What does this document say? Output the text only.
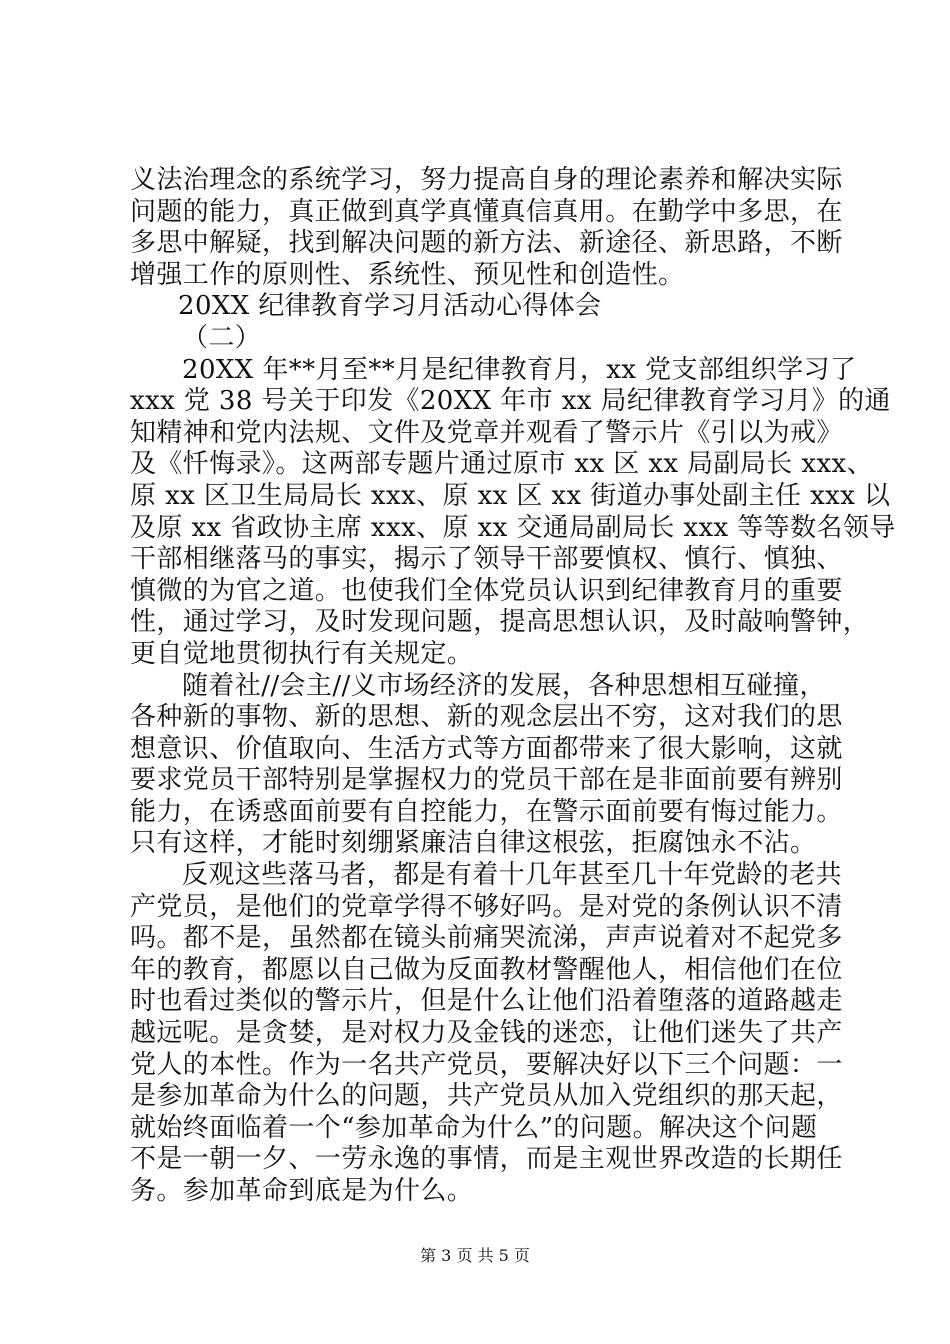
义法治理念的系统学习，努力提高自身的理论素养和解决实际
问题的能力，真正做到真学真懂真信真用。在勤学中多思，在
多思中解疑，找到解决问题的新方法、新途径、新思路，不断
增强工作的原则性、系统性、预见性和创造性。
20XX 纪律教育学习月活动心得体会
（二）
20XX 年**月至**月是纪律教育月，xx 党支部组织学习了
xxx 党 38 号关于印发《20XX 年市 xx 局纪律教育学习月》的通
知精神和党内法规、文件及党章并观看了警示片《引以为戒》
及《忏悔录》。这两部专题片通过原市 xx 区 xx 局副局长 xxx、
原 xx 区卫生局局长 xxx、原 xx 区 xx 街道办事处副主任 xxx 以
及原 xx 省政协主席 xxx、原 xx 交通局副局长 xxx 等等数名领导
干部相继落马的事实，揭示了领导干部要慎权、慎行、慎独、
慎微的为官之道。也使我们全体党员认识到纪律教育月的重要
性，通过学习，及时发现问题，提高思想认识，及时敲响警钟，
更自觉地贯彻执行有关规定。
随着社//会主//义市场经济的发展，各种思想相互碰撞，
各种新的事物、新的思想、新的观念层出不穷，这对我们的思
想意识、价值取向、生活方式等方面都带来了很大影响，这就
要求党员干部特别是掌握权力的党员干部在是非面前要有辨别
能力，在诱惑面前要有自控能力，在警示面前要有悔过能力。
只有这样，才能时刻绷紧廉洁自律这根弦，拒腐蚀永不沾。
反观这些落马者，都是有着十几年甚至几十年党龄的老共
产党员，是他们的党章学得不够好吗。是对党的条例认识不清
吗。都不是，虽然都在镜头前痛哭流涕，声声说着对不起党多
年的教育，都愿以自己做为反面教材警醒他人，相信他们在位
时也看过类似的警示片，但是什么让他们沿着堕落的道路越走
越远呢。是贪婪，是对权力及金钱的迷恋，让他们迷失了共产
党人的本性。作为一名共产党员，要解决好以下三个问题：一
是参加革命为什么的问题，共产党员从加入党组织的那天起，
就始终面临着一个“参加革命为什么”的问题。解决这个问题
不是一朝一夕、一劳永逸的事情，而是主观世界改造的长期任
务。参加革命到底是为什么。
第 3 页 共 5 页
